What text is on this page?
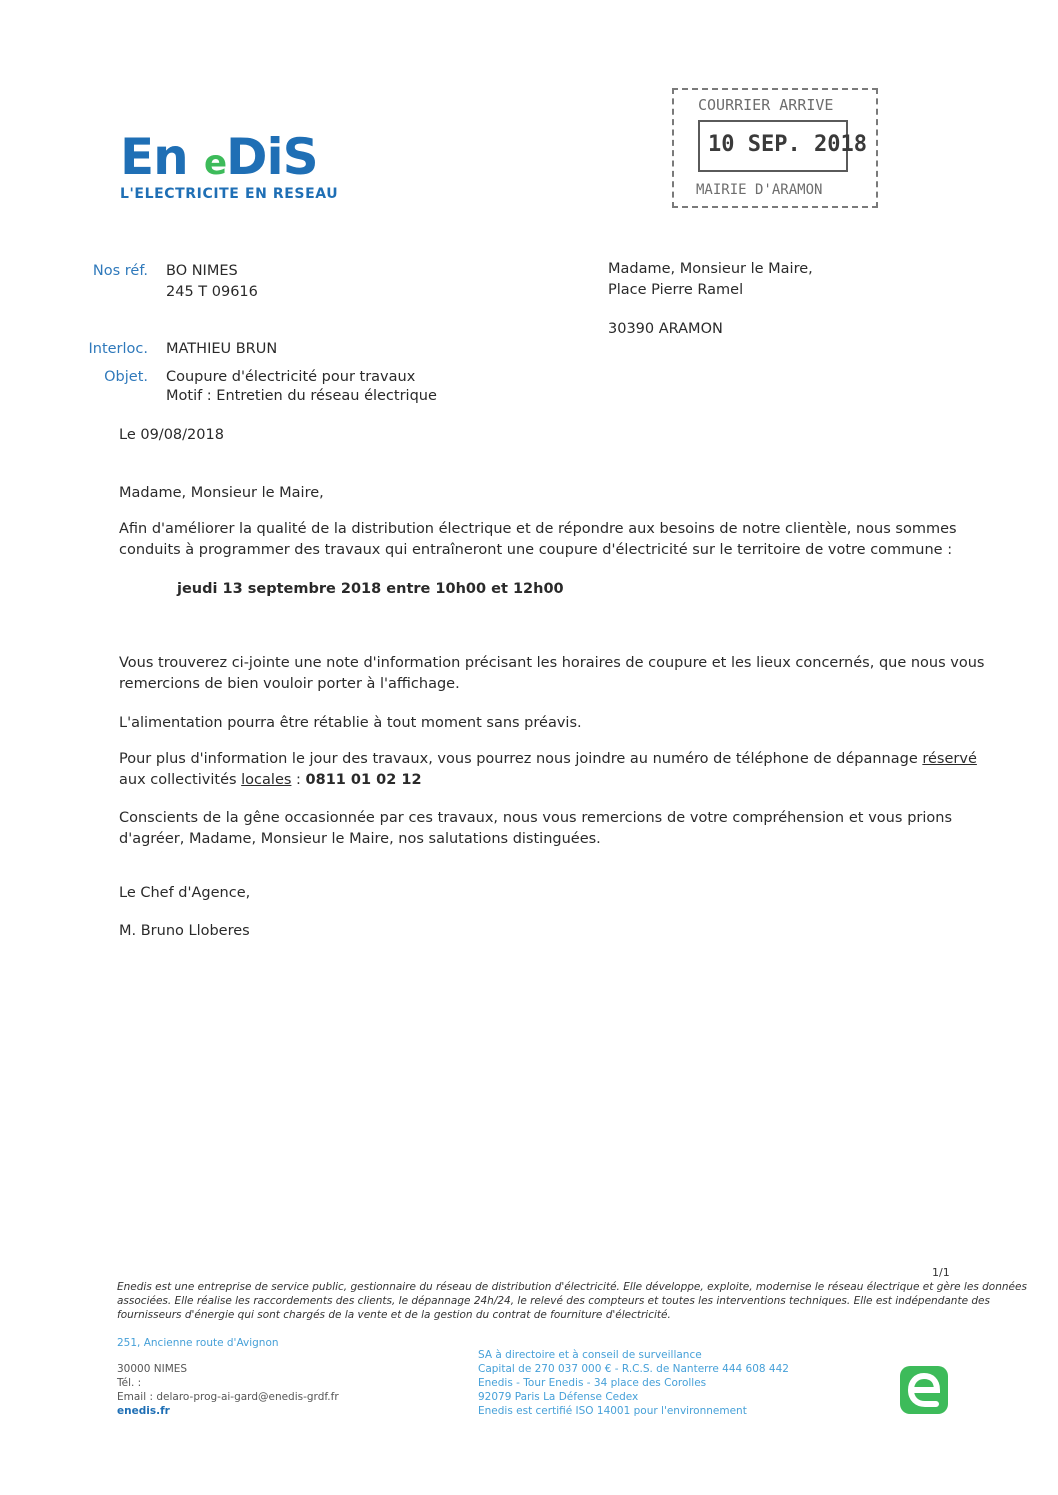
En e
DiS
L'ELECTRICITE EN RESEAU
COURRIER ARRIVE
10 SEP. 2018
MAIRIE D'ARAMON
Nos réf. BO NIMES
245 T 09616
Interloc. MATHIEU BRUN
Objet. Coupure d'électricité pour travaux
Motif : Entretien du réseau électrique
Madame, Monsieur le Maire,
Place Pierre Ramel
30390 ARAMON
Le 09/08/2018
Madame, Monsieur le Maire,
Afin d'améliorer la qualité de la distribution électrique et de répondre aux besoins de notre clientèle, nous sommes
conduits à programmer des travaux qui entraîneront une coupure d'électricité sur le territoire de votre commune :
jeudi 13 septembre 2018 entre 10h00 et 12h00
Vous trouverez ci-jointe une note d'information précisant les horaires de coupure et les lieux concernés, que nous vous
remercions de bien vouloir porter à l'affichage.
L'alimentation pourra être rétablie à tout moment sans préavis.
Pour plus d'information le jour des travaux, vous pourrez nous joindre au numéro de téléphone de dépannage réservé
aux collectivités locales : 0811 01 02 12
Conscients de la gêne occasionnée par ces travaux, nous vous remercions de votre compréhension et vous prions
d'agréer, Madame, Monsieur le Maire, nos salutations distinguées.
Le Chef d'Agence,
M. Bruno Lloberes
1/1
Enedis est une entreprise de service public, gestionnaire du réseau de distribution d'électricité. Elle développe, exploite, modernise le réseau électrique et gère les données
associées. Elle réalise les raccordements des clients, le dépannage 24h/24, le relevé des compteurs et toutes les interventions techniques. Elle est indépendante des
fournisseurs d'énergie qui sont chargés de la vente et de la gestion du contrat de fourniture d'électricité.
251, Ancienne route d'Avignon
30000 NIMES
Tél. :
Email : delaro-prog-ai-gard@enedis-grdf.fr
enedis.fr
SA à directoire et à conseil de surveillance
Capital de 270 037 000 € - R.C.S. de Nanterre 444 608 442
Enedis - Tour Enedis - 34 place des Corolles
92079 Paris La Défense Cedex
Enedis est certifié ISO 14001 pour l'environnement
